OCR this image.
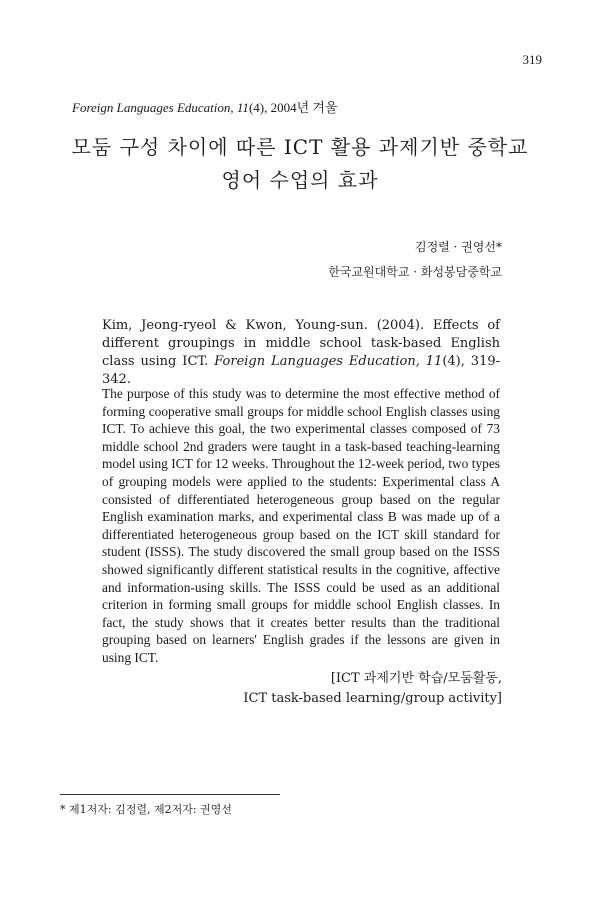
319
Foreign Languages Education, 11(4), 2004년 겨울
모둠 구성 차이에 따른 ICT 활용 과제기반 중학교
영어 수업의 효과
김정렬 · 권영선*
한국교원대학교 · 화성봉담중학교
Kim, Jeong-ryeol & Kwon, Young-sun. (2004). Effects of different groupings in middle school task-based English class using ICT. Foreign Languages Education, 11(4), 319-342.
The purpose of this study was to determine the most effective method of forming cooperative small groups for middle school English classes using ICT. To achieve this goal, the two experimental classes composed of 73 middle school 2nd graders were taught in a task-based teaching-learning model using ICT for 12 weeks. Throughout the 12-week period, two types of grouping models were applied to the students: Experimental class A consisted of differentiated heterogeneous group based on the regular English examination marks, and experimental class B was made up of a differentiated heterogeneous group based on the ICT skill standard for student (ISSS). The study discovered the small group based on the ISSS showed significantly different statistical results in the cognitive, affective and information-using skills. The ISSS could be used as an additional criterion in forming small groups for middle school English classes. In fact, the study shows that it creates better results than the traditional grouping based on learners' English grades if the lessons are given in using ICT.
[ICT 과제기반 학습/모둠활동,
ICT task-based learning/group activity]
* 제1저자: 김정렬, 제2저자: 권영선
